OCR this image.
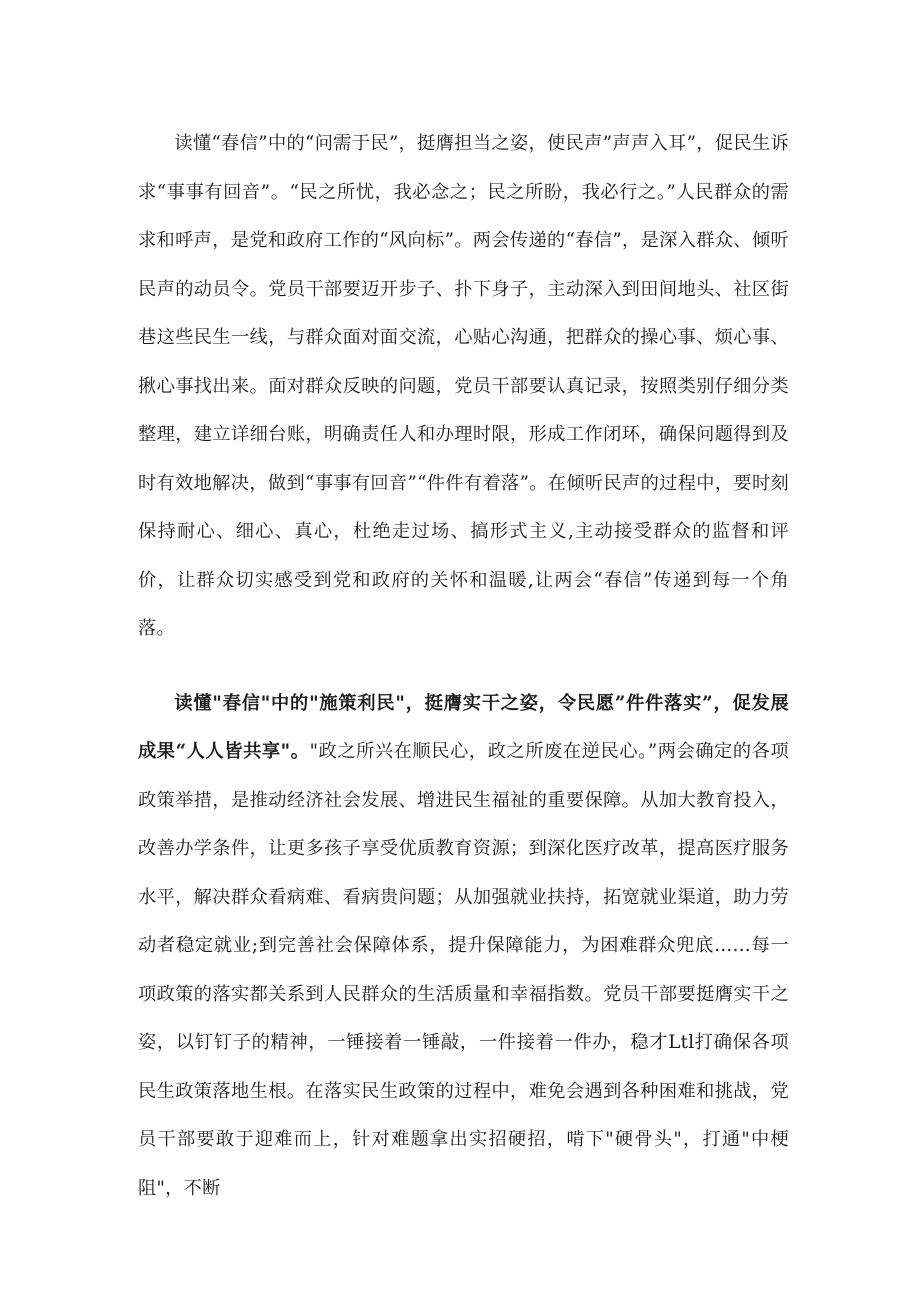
读懂“春信”中的“问需于民”，挺膺担当之姿，使民声”声声入耳”，促民生诉求“事事有回音”。“民之所忧，我必念之；民之所盼，我必行之。”人民群众的需求和呼声，是党和政府工作的“风向标”。两会传递的“春信”，是深入群众、倾听民声的动员令。党员干部要迈开步子、扑下身子，主动深入到田间地头、社区街巷这些民生一线，与群众面对面交流，心贴心沟通，把群众的操心事、烦心事、揪心事找出来。面对群众反映的问题，党员干部要认真记录，按照类别仔细分类整理，建立详细台账，明确责任人和办理时限，形成工作闭环，确保问题得到及时有效地解决，做到“事事有回音”“件件有着落”。在倾听民声的过程中，要时刻保持耐心、细心、真心，杜绝走过场、搞形式主义,主动接受群众的监督和评价，让群众切实感受到党和政府的关怀和温暖,让两会“春信”传递到每一个角落。

读懂"春信"中的"施策利民"，挺膺实干之姿，令民愿”件件落实”，促发展成果“人人皆共享"。"政之所兴在顺民心，政之所废在逆民心。”两会确定的各项政策举措，是推动经济社会发展、增进民生福祉的重要保障。从加大教育投入，改善办学条件，让更多孩子享受优质教育资源；到深化医疗改革，提高医疗服务水平，解决群众看病难、看病贵问题；从加强就业扶持，拓宽就业渠道，助力劳动者稳定就业;到完善社会保障体系，提升保障能力，为困难群众兜底……每一项政策的落实都关系到人民群众的生活质量和幸福指数。党员干部要挺膺实干之姿，以钉钉子的精神，一锤接着一锤敲，一件接着一件办，稳才Ltl打确保各项民生政策落地生根。在落实民生政策的过程中，难免会遇到各种困难和挑战，党员干部要敢于迎难而上，针对难题拿出实招硬招，啃下"硬骨头"，打通"中梗阻"，不断
